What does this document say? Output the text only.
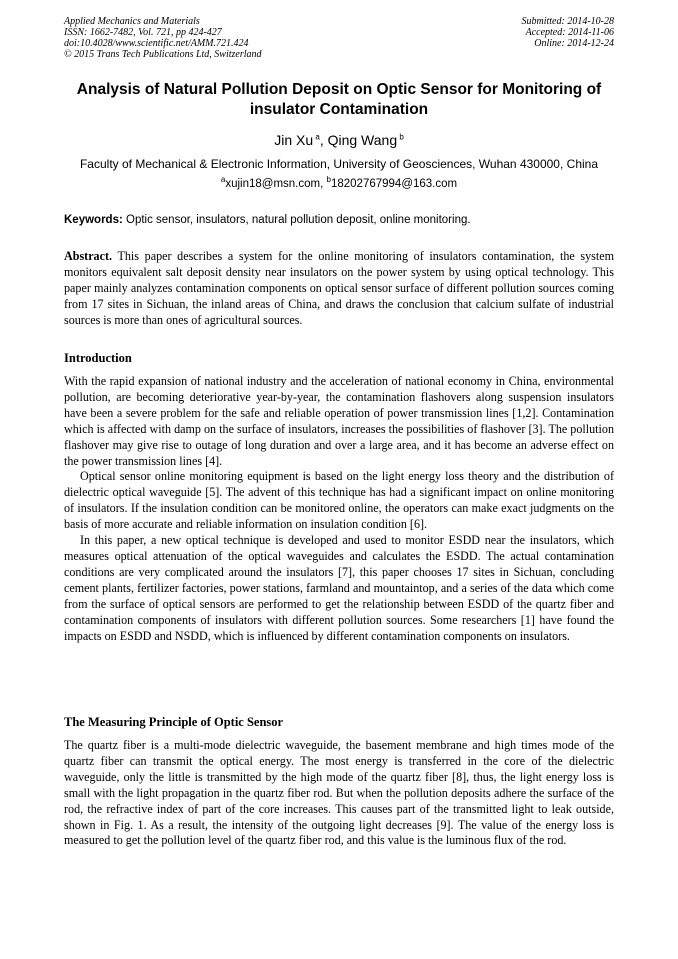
Applied Mechanics and Materials
ISSN: 1662-7482, Vol. 721, pp 424-427
doi:10.4028/www.scientific.net/AMM.721.424
© 2015 Trans Tech Publications Ltd, Switzerland
Submitted: 2014-10-28
Accepted: 2014-11-06
Online: 2014-12-24
Analysis of Natural Pollution Deposit on Optic Sensor for Monitoring of insulator Contamination
Jin Xu $^a$, Qing Wang $^b$
Faculty of Mechanical & Electronic Information, University of Geosciences, Wuhan 430000, China
$^a$xujin18@msn.com, $^b$18202767994@163.com
Keywords: Optic sensor, insulators, natural pollution deposit, online monitoring.

Abstract. This paper describes a system for the online monitoring of insulators contamination, the system monitors equivalent salt deposit density near insulators on the power system by using optical technology. This paper mainly analyzes contamination components on optical sensor surface of different pollution sources coming from 17 sites in Sichuan, the inland areas of China, and draws the conclusion that calcium sulfate of industrial sources is more than ones of agricultural sources.

Introduction

With the rapid expansion of national industry and the acceleration of national economy in China, environmental pollution, are becoming deteriorative year-by-year, the contamination flashovers along suspension insulators have been a severe problem for the safe and reliable operation of power transmission lines [1,2]. Contamination which is affected with damp on the surface of insulators, increases the possibilities of flashover [3]. The pollution flashover may give rise to outage of long duration and over a large area, and it has become an adverse effect on the power transmission lines [4].

Optical sensor online monitoring equipment is based on the light energy loss theory and the distribution of dielectric optical waveguide [5]. The advent of this technique has had a significant impact on online monitoring of insulators. If the insulation condition can be monitored online, the operators can make exact judgments on the basis of more accurate and reliable information on insulation condition [6].

In this paper, a new optical technique is developed and used to monitor ESDD near the insulators, which measures optical attenuation of the optical waveguides and calculates the ESDD. The actual contamination conditions are very complicated around the insulators [7], this paper chooses 17 sites in Sichuan, concluding cement plants, fertilizer factories, power stations, farmland and mountaintop, and a series of the data which come from the surface of optical sensors are performed to get the relationship between ESDD of the quartz fiber and contamination components of insulators with different pollution sources. Some researchers [1] have found the impacts on ESDD and NSDD, which is influenced by different contamination components on insulators.

The Measuring Principle of Optic Sensor

The quartz fiber is a multi-mode dielectric waveguide, the basement membrane and high times mode of the quartz fiber can transmit the optical energy. The most energy is transferred in the core of the dielectric waveguide, only the little is transmitted by the high mode of the quartz fiber [8], thus, the light energy loss is small with the light propagation in the quartz fiber rod. But when the pollution deposits adhere the surface of the rod, the refractive index of part of the core increases. This causes part of the transmitted light to leak outside, shown in Fig. 1. As a result, the intensity of the outgoing light decreases [9]. The value of the energy loss is measured to get the pollution level of the quartz fiber rod, and this value is the luminous flux of the rod.
